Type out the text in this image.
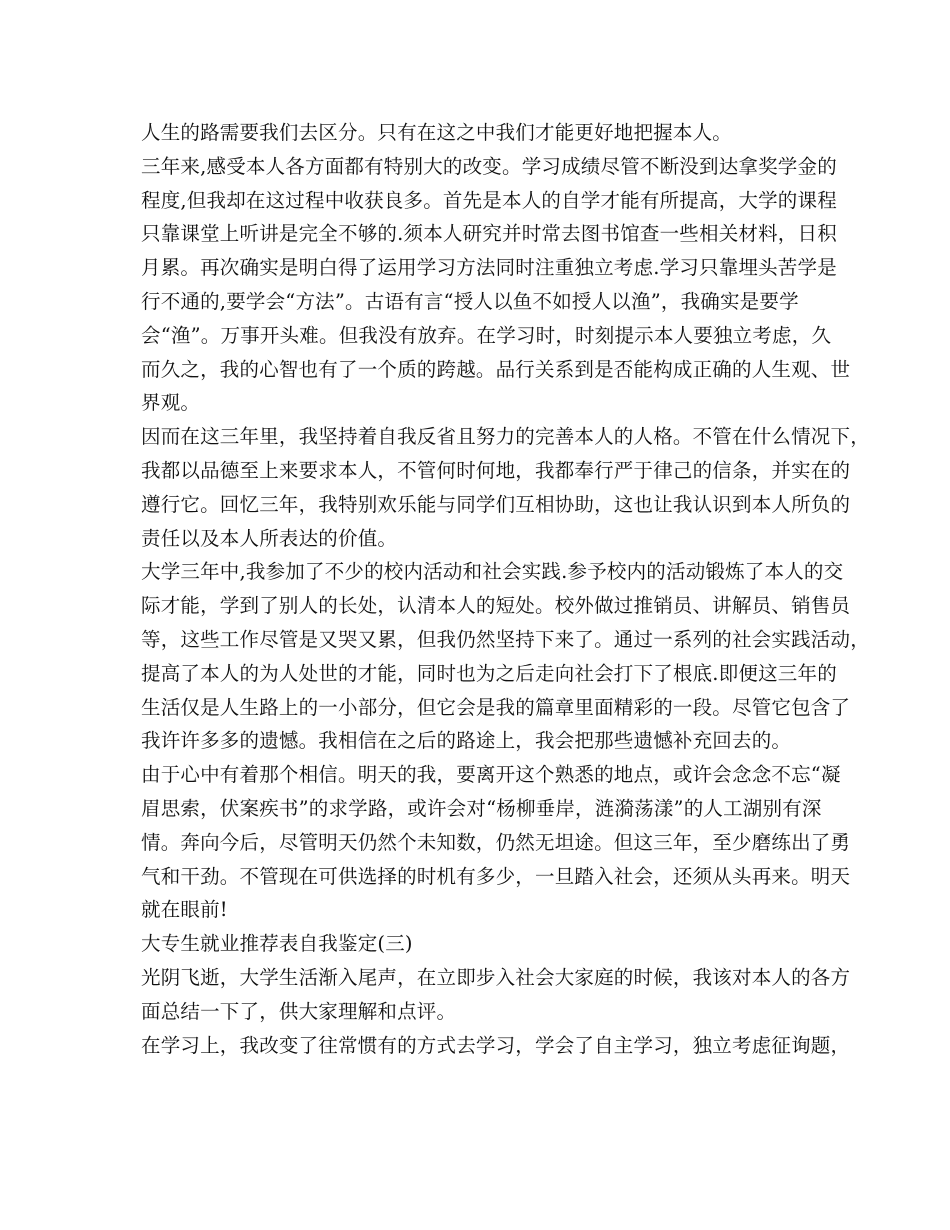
人生的路需要我们去区分。只有在这之中我们才能更好地把握本人。
三年来,感受本人各方面都有特别大的改变。学习成绩尽管不断没到达拿奖学金的
程度,但我却在这过程中收获良多。首先是本人的自学才能有所提高，大学的课程
只靠课堂上听讲是完全不够的.须本人研究并时常去图书馆查一些相关材料，日积
月累。再次确实是明白得了运用学习方法同时注重独立考虑.学习只靠埋头苦学是
行不通的,要学会“方法”。古语有言“授人以鱼不如授人以渔”，我确实是要学
会“渔”。万事开头难。但我没有放弃。在学习时，时刻提示本人要独立考虑，久
而久之，我的心智也有了一个质的跨越。品行关系到是否能构成正确的人生观、世
界观。
因而在这三年里，我坚持着自我反省且努力的完善本人的人格。不管在什么情况下，
我都以品德至上来要求本人，不管何时何地，我都奉行严于律己的信条，并实在的
遵行它。回忆三年，我特别欢乐能与同学们互相协助，这也让我认识到本人所负的
责任以及本人所表达的价值。
大学三年中,我参加了不少的校内活动和社会实践.参予校内的活动锻炼了本人的交
际才能，学到了别人的长处，认清本人的短处。校外做过推销员、讲解员、销售员
等，这些工作尽管是又哭又累，但我仍然坚持下来了。通过一系列的社会实践活动，
提高了本人的为人处世的才能，同时也为之后走向社会打下了根底.即便这三年的
生活仅是人生路上的一小部分，但它会是我的篇章里面精彩的一段。尽管它包含了
我许许多多的遗憾。我相信在之后的路途上，我会把那些遗憾补充回去的。
由于心中有着那个相信。明天的我，要离开这个熟悉的地点，或许会念念不忘“凝
眉思索，伏案疾书”的求学路，或许会对“杨柳垂岸，涟漪荡漾”的人工湖别有深
情。奔向今后，尽管明天仍然个未知数，仍然无坦途。但这三年，至少磨练出了勇
气和干劲。不管现在可供选择的时机有多少，一旦踏入社会，还须从头再来。明天
就在眼前!
大专生就业推荐表自我鉴定(三)
光阴飞逝，大学生活渐入尾声，在立即步入社会大家庭的时候，我该对本人的各方
面总结一下了，供大家理解和点评。
在学习上，我改变了往常惯有的方式去学习，学会了自主学习，独立考虑征询题，
